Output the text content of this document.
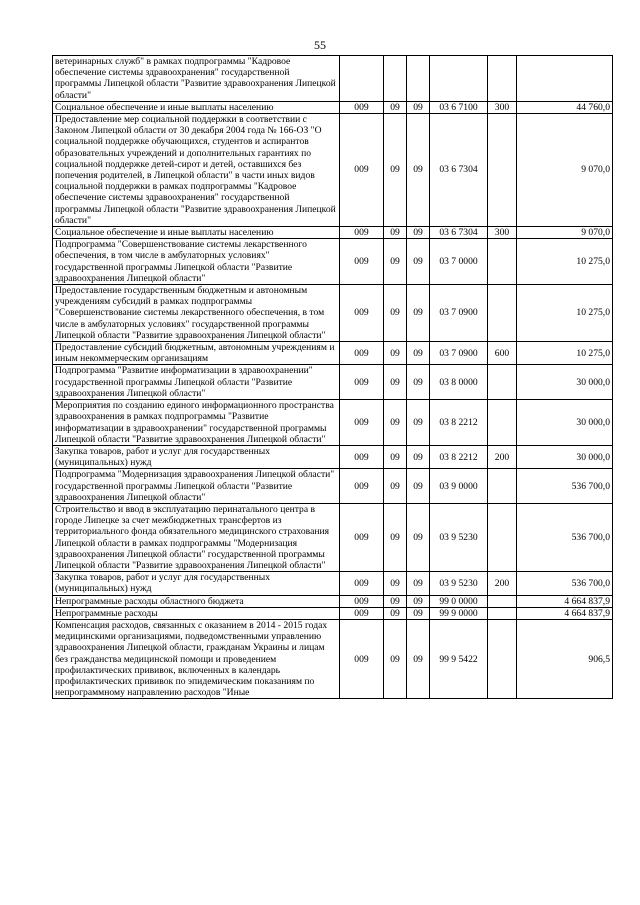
55
ветеринарных служб" в рамках подпрограммы "Кадровое обеспечение системы здравоохранения" государственной программы Липецкой области "Развитие здравоохранения Липецкой области"						
Социальное обеспечение и иные выплаты населению	009	09	09	03 6 7100	300	44 760,0
Предоставление мер социальной поддержки в соответствии с Законом Липецкой области от 30 декабря 2004 года № 166-ОЗ "О социальной поддержке обучающихся, студентов и аспирантов образовательных учреждений и дополнительных гарантиях по социальной поддержке детей-сирот и детей, оставшихся без попечения родителей, в Липецкой области" в части иных видов социальной поддержки в рамках подпрограммы "Кадровое обеспечение системы здравоохранения" государственной программы Липецкой области "Развитие здравоохранения Липецкой области"	009	09	09	03 6 7304		9 070,0
Социальное обеспечение и иные выплаты населению	009	09	09	03 6 7304	300	9 070,0
Подпрограмма "Совершенствование системы лекарственного обеспечения, в том числе в амбулаторных условиях" государственной программы Липецкой области "Развитие здравоохранения Липецкой области"	009	09	09	03 7 0000		10 275,0
Предоставление государственным бюджетным и автономным учреждениям субсидий в рамках подпрограммы "Совершенствование системы лекарственного обеспечения, в том числе в амбулаторных условиях" государственной программы Липецкой области "Развитие здравоохранения Липецкой области"	009	09	09	03 7 0900		10 275,0
Предоставление субсидий бюджетным, автономным учреждениям и иным некоммерческим организациям	009	09	09	03 7 0900	600	10 275,0
Подпрограмма "Развитие информатизации в здравоохранении" государственной программы Липецкой области "Развитие здравоохранения Липецкой области"	009	09	09	03 8 0000		30 000,0
Мероприятия по созданию единого информационного пространства здравоохранения в рамках подпрограммы "Развитие информатизации в здравоохранении" государственной программы Липецкой области "Развитие здравоохранения Липецкой области"	009	09	09	03 8 2212		30 000,0
Закупка товаров, работ и услуг для государственных (муниципальных) нужд	009	09	09	03 8 2212	200	30 000,0
Подпрограмма "Модернизация здравоохранения Липецкой области" государственной программы Липецкой области "Развитие здравоохранения Липецкой области"	009	09	09	03 9 0000		536 700,0
Строительство и ввод в эксплуатацию перинатального центра в городе Липецке за счет межбюджетных трансфертов из территориального фонда обязательного медицинского страхования Липецкой области в рамках подпрограммы "Модернизация здравоохранения Липецкой области" государственной программы Липецкой области "Развитие здравоохранения Липецкой области"	009	09	09	03 9 5230		536 700,0
Закупка товаров, работ и услуг для государственных (муниципальных) нужд	009	09	09	03 9 5230	200	536 700,0
Непрограммные расходы областного бюджета	009	09	09	99 0 0000		4 664 837,9
Непрограммные расходы	009	09	09	99 9 0000		4 664 837,9
Компенсация расходов, связанных с оказанием в 2014 - 2015 годах медицинскими организациями, подведомственными управлению здравоохранения Липецкой области, гражданам Украины и лицам без гражданства медицинской помощи и проведением профилактических прививок, включенных в календарь профилактических прививок по эпидемическим показаниям по непрограммному направлению расходов "Иные	009	09	09	99 9 5422		906,5
